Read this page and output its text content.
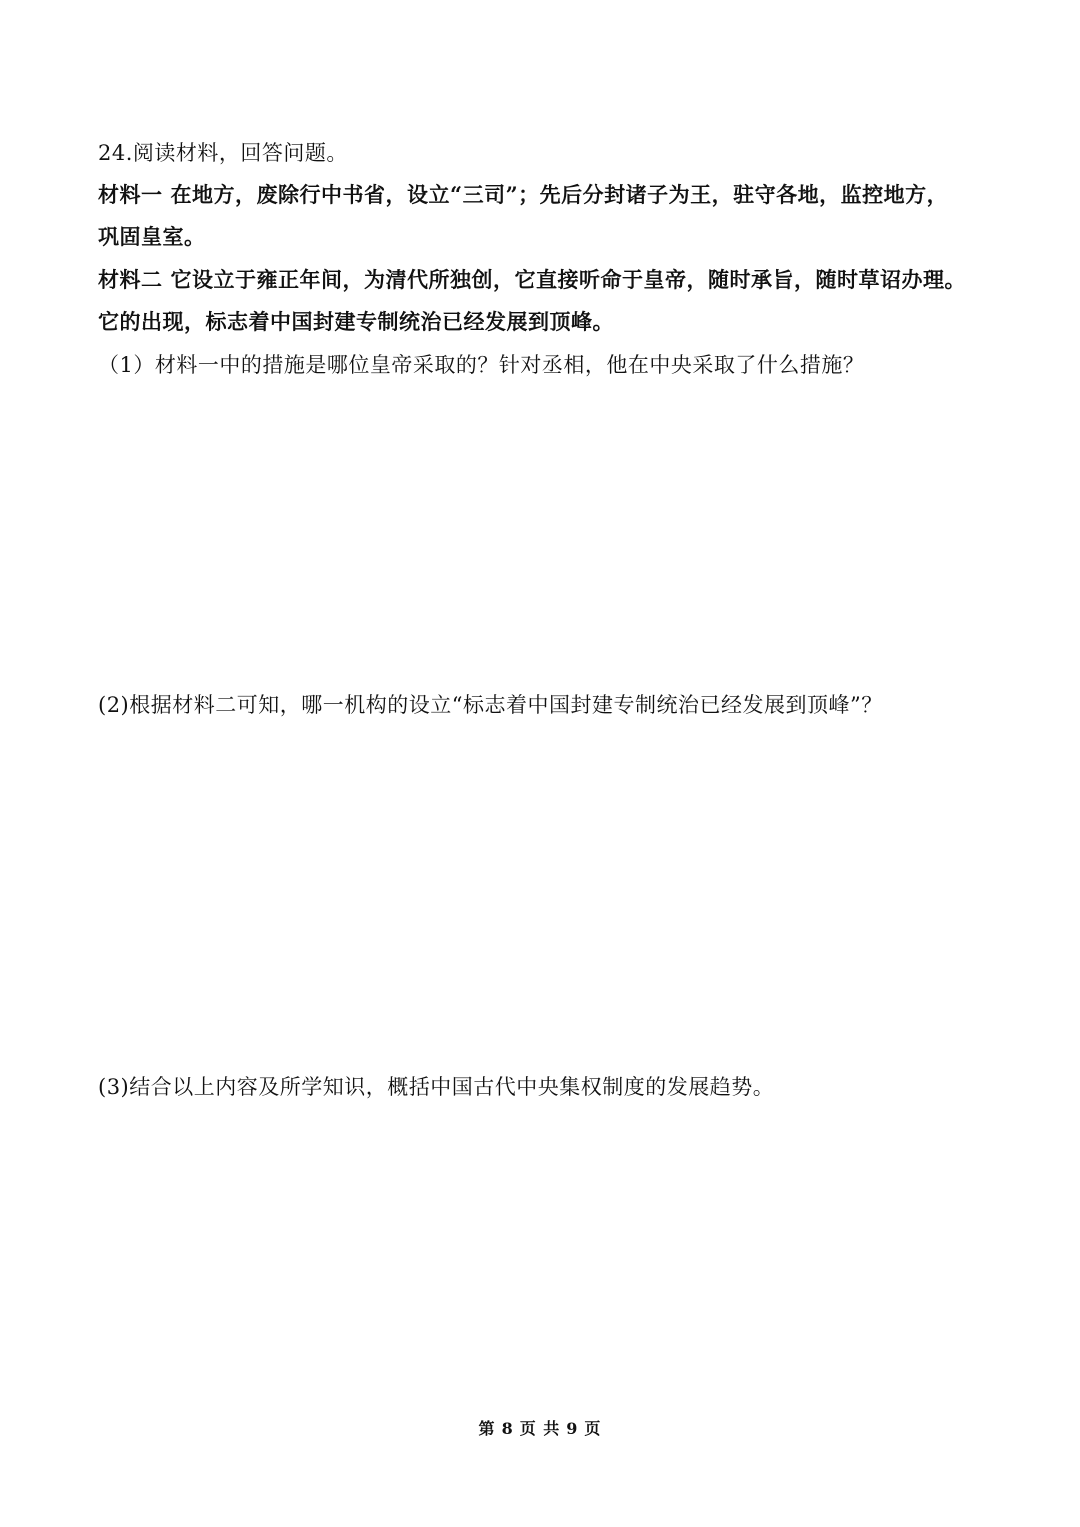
24.阅读材料，回答问题。
材料一 在地方，废除行中书省，设立“三司”；先后分封诸子为王，驻守各地，监控地方，
巩固皇室。
材料二 它设立于雍正年间，为清代所独创，它直接听命于皇帝，随时承旨，随时草诏办理。
它的出现，标志着中国封建专制统治已经发展到顶峰。
（1）材料一中的措施是哪位皇帝采取的？针对丞相，他在中央采取了什么措施？
(2)根据材料二可知，哪一机构的设立“标志着中国封建专制统治已经发展到顶峰”？
(3)结合以上内容及所学知识，概括中国古代中央集权制度的发展趋势。
第 8 页 共 9 页
